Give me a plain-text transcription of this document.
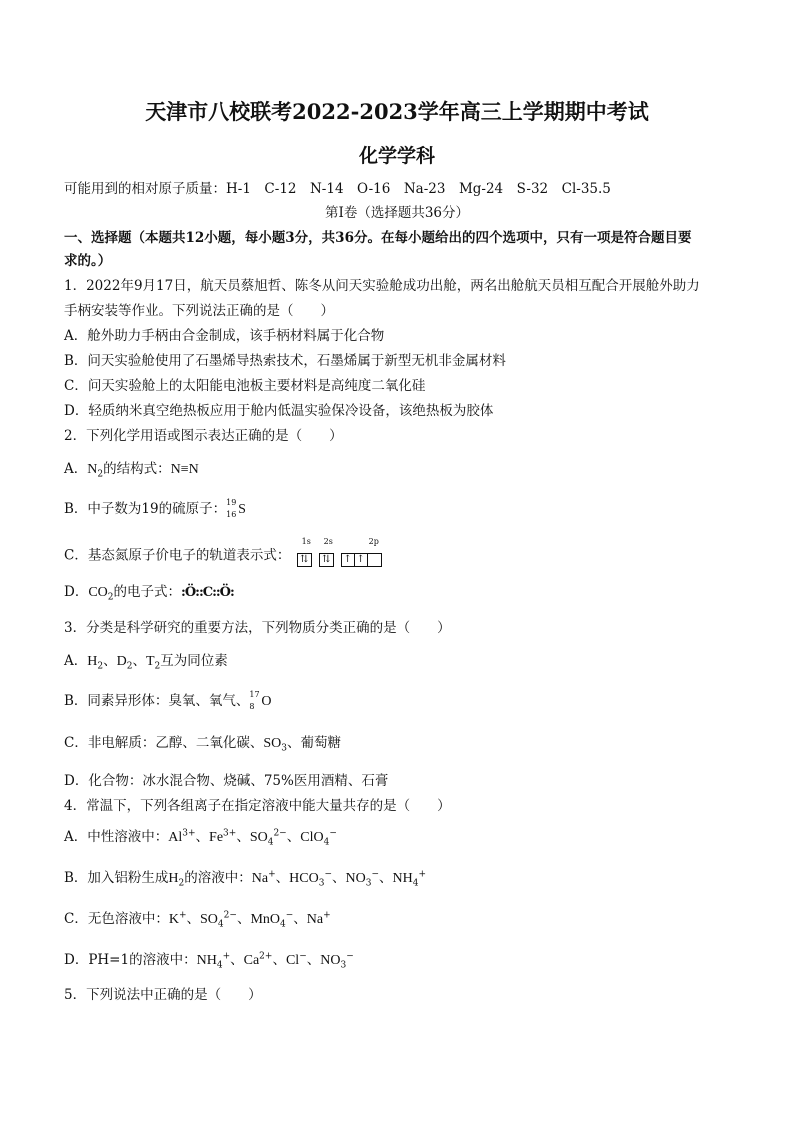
天津市八校联考2022-2023学年高三上学期期中考试
化学学科
可能用到的相对原子质量：H-1　C-12　N-14　O-16　Na-23　Mg-24　S-32　Cl-35.5
第Ⅰ卷（选择题共36分）
一、选择题（本题共12小题，每小题3分，共36分。在每小题给出的四个选项中，只有一项是符合题目要
求的。）
1．2022年9月17日，航天员蔡旭哲、陈冬从问天实验舱成功出舱，两名出舱航天员相互配合开展舱外助力
手柄安装等作业。下列说法正确的是（　　）
A．舱外助力手柄由合金制成，该手柄材料属于化合物
B．问天实验舱使用了石墨烯导热索技术，石墨烯属于新型无机非金属材料
C．问天实验舱上的太阳能电池板主要材料是高纯度二氧化硅
D．轻质纳米真空绝热板应用于舱内低温实验保冷设备，该绝热板为胶体
2．下列化学用语或图示表达正确的是（　　）
A．$N_2$的结构式：N≡N
B．中子数为19的硫原子： 19
16 S
C．基态氮原子价电子的轨道表示式：
1s 2s	2p
⇅	⇅	↑ ↑
D．$CO_2$的电子式：:Ö::C::Ö:
3．分类是科学研究的重要方法，下列物质分类正确的是（　　）
A．$H_2$、$D_2$、$T_2$互为同位素
B．同素异形体：臭氧、氧气、 17
8 O
C．非电解质：乙醇、二氧化碳、$SO_3$、葡萄糖
D．化合物：冰水混合物、烧碱、75%医用酒精、石膏
4．常温下，下列各组离子在指定溶液中能大量共存的是（　　）
A．中性溶液中：$Al^{3+}$、$Fe^{3+}$、$SO_4^{2-}$、ClO$_4$−
B．加入铝粉生成$H_2$的溶液中：Na+、$HCO_3^-$、$NO_3^-$、$NH_4^+$
C．无色溶液中：K+、$SO_4^{2-}$、MnO$_4$−、Na+
D．PH=1的溶液中：$NH_4^+$、$Ca^{2+}$、Cl−、$NO_3^-$
5．下列说法中正确的是（　　）
